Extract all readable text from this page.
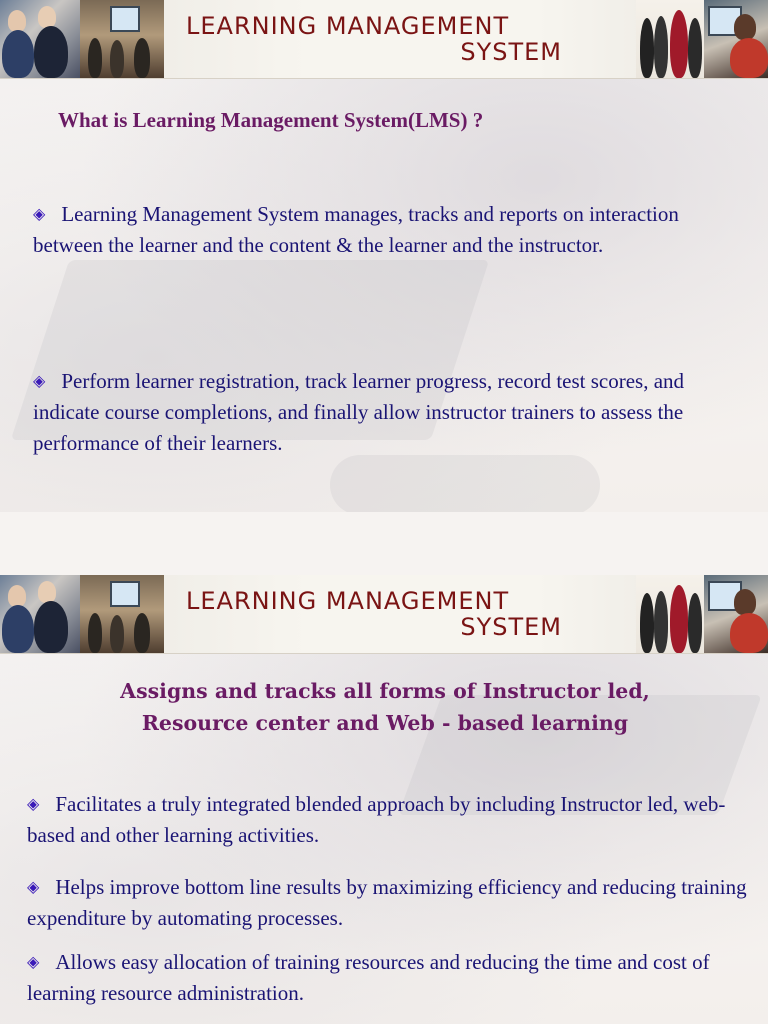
LEARNING MANAGEMENT
SYSTEM
What is Learning Management System(LMS) ?
◈ Learning Management System manages, tracks and reports on interaction between the learner and the content & the learner and the instructor.
◈ Perform learner registration, track learner progress, record test scores, and indicate course completions, and finally allow instructor trainers to assess the performance of their learners.
LEARNING MANAGEMENT
SYSTEM
Assigns and tracks all forms of Instructor led,
Resource center and Web - based learning
◈ Facilitates a truly integrated blended approach by including Instructor led, web-based and other learning activities.
◈ Helps improve bottom line results by maximizing efficiency and reducing training expenditure by automating processes.
◈ Allows easy allocation of training resources and reducing the time and cost of learning resource administration.
